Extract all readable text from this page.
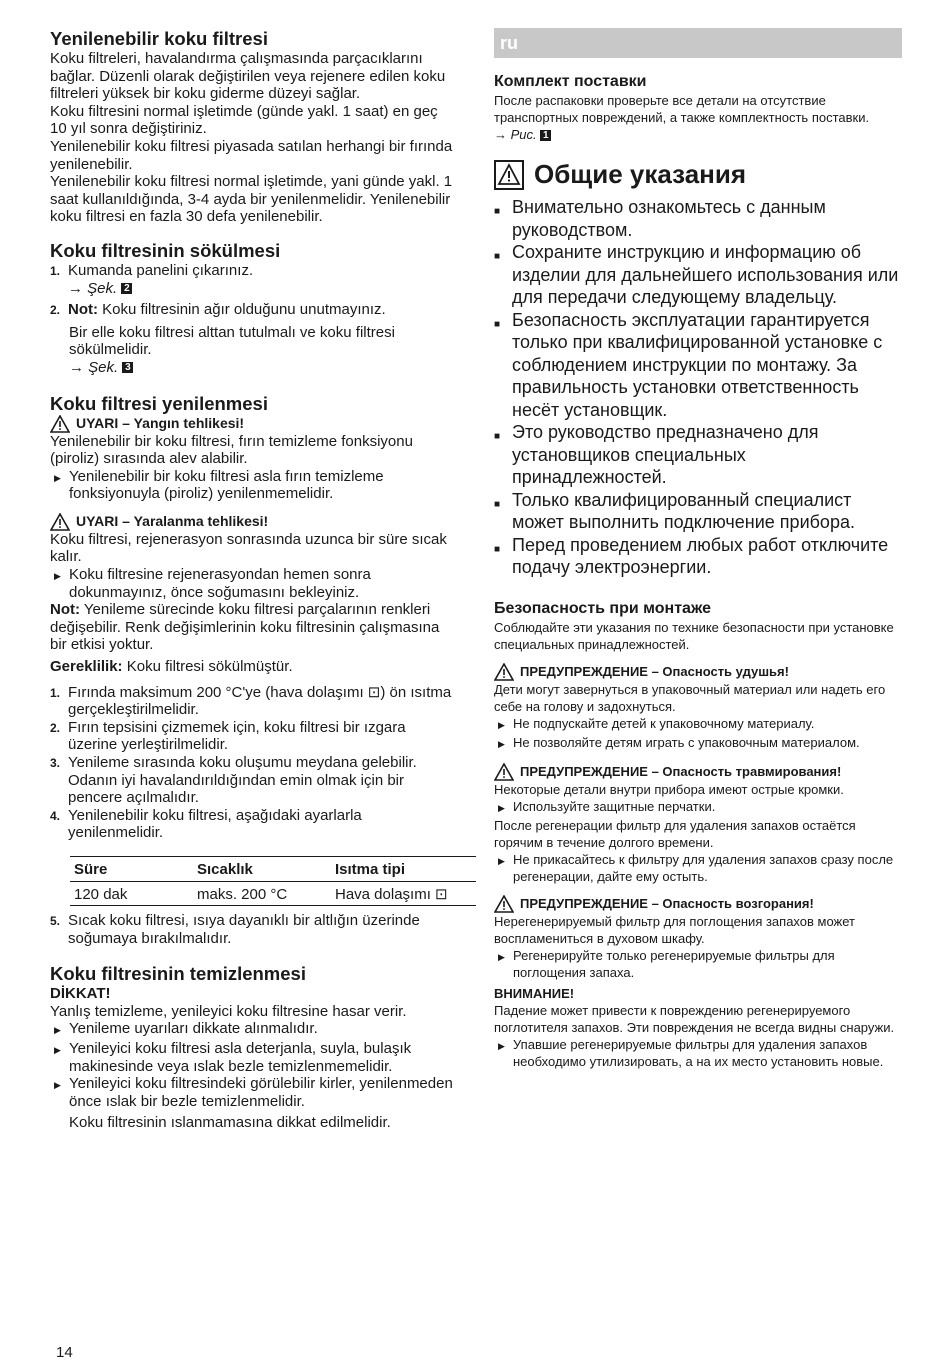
Yenilenebilir koku filtresi

Koku filtreleri, havalandırma çalışmasında parçacıklarını bağlar. Düzenli olarak değiştirilen veya rejenere edilen koku filtreleri yüksek bir koku giderme düzeyi sağlar.

Koku filtresini normal işletimde (günde yakl. 1 saat) en geç 10 yıl sonra değiştiriniz.

Yenilenebilir koku filtresi piyasada satılan herhangi bir fırında yenilenebilir.

Yenilenebilir koku filtresi normal işletimde, yani günde yakl. 1 saat kullanıldığında, 3-4 ayda bir yenilenmelidir. Yenilenebilir koku filtresi en fazla 30 defa yenilenebilir.

Koku filtresinin sökülmesi
1. Kumanda panelini çıkarınız.
→ Şek. 2
2. Not: Koku filtresinin ağır olduğunu unutmayınız.
Bir elle koku filtresi alttan tutulmalı ve koku filtresi sökülmelidir.
→ Şek. 3
Koku filtresi yenilenmesi
UYARI – Yangın tehlikesi!

Yenilenebilir bir koku filtresi, fırın temizleme fonksiyonu (piroliz) sırasında alev alabilir.

▶ Yenilenebilir bir koku filtresi asla fırın temizleme fonksiyonuyla (piroliz) yenilenmemelidir.
UYARI – Yaralanma tehlikesi!

Koku filtresi, rejenerasyon sonrasında uzunca bir süre sıcak kalır.

▶ Koku filtresine rejenerasyondan hemen sonra dokunmayınız, önce soğumasını bekleyiniz.

Not: Yenileme sürecinde koku filtresi parçalarının renkleri değişebilir. Renk değişimlerinin koku filtresinin çalışmasına bir etkisi yoktur.

Gereklilik: Koku filtresi sökülmüştür.

1. Fırında maksimum 200 °C'ye (hava dolaşımı ⊡) ön ısıtma gerçekleştirilmelidir.
2. Fırın tepsisini çizmemek için, koku filtresi bir ızgara üzerine yerleştirilmelidir.
3. Yenileme sırasında koku oluşumu meydana gelebilir. Odanın iyi havalandırıldığından emin olmak için bir pencere açılmalıdır.
4. Yenilenebilir koku filtresi, aşağıdaki ayarlarla yenilenmelidir.
Süre	Sıcaklık	Isıtma tipi
120 dak	maks. 200 °C	Hava dolaşımı ⊡
5. Sıcak koku filtresi, ısıya dayanıklı bir altlığın üzerinde soğumaya bırakılmalıdır.
Koku filtresinin temizlenmesi

DİKKAT!

Yanlış temizleme, yenileyici koku filtresine hasar verir.

▶ Yenileme uyarıları dikkate alınmalıdır.
▶ Yenileyici koku filtresi asla deterjanla, suyla, bulaşık makinesinde veya ıslak bezle temizlenmemelidir.
▶ Yenileyici koku filtresindeki görülebilir kirler, yenilenmeden önce ıslak bir bezle temizlenmelidir.

Koku filtresinin ıslanmamasına dikkat edilmelidir.

ru
Комплект поставки

После распаковки проверьте все детали на отсутствие транспортных повреждений, а также комплектность поставки.

→ Рис. 1

Общие указания
■ Внимательно ознакомьтесь с данным руководством.
■ Сохраните инструкцию и информацию об изделии для дальнейшего использования или для передачи следующему владельцу.
■ Безопасность эксплуатации гарантируется только при квалифицированной установке с соблюдением инструкции по монтажу. За правильность установки ответственность несёт установщик.
■ Это руководство предназначено для установщиков специальных принадлежностей.
■ Только квалифицированный специалист может выполнить подключение прибора.
■ Перед проведением любых работ отключите подачу электроэнергии.
Безопасность при монтаже

Соблюдайте эти указания по технике безопасности при установке специальных принадлежностей.

ПРЕДУПРЕЖДЕНИЕ – Опасность удушья!

Дети могут завернуться в упаковочный материал или надеть его себе на голову и задохнуться.

▶ Не подпускайте детей к упаковочному материалу.
▶ Не позволяйте детям играть с упаковочным материалом.
ПРЕДУПРЕЖДЕНИЕ – Опасность травмирования!

Некоторые детали внутри прибора имеют острые кромки.

▶ Используйте защитные перчатки.

После регенерации фильтр для удаления запахов остаётся горячим в течение долгого времени.

▶ Не прикасайтесь к фильтру для удаления запахов сразу после регенерации, дайте ему остыть.
ПРЕДУПРЕЖДЕНИЕ – Опасность возгорания!

Нерегенерируемый фильтр для поглощения запахов может воспламениться в духовом шкафу.

▶ Регенерируйте только регенерируемые фильтры для поглощения запаха.

ВНИМАНИЕ!

Падение может привести к повреждению регенерируемого поглотителя запахов. Эти повреждения не всегда видны снаружи.

▶ Упавшие регенерируемые фильтры для удаления запахов необходимо утилизировать, а на их место установить новые.
14
